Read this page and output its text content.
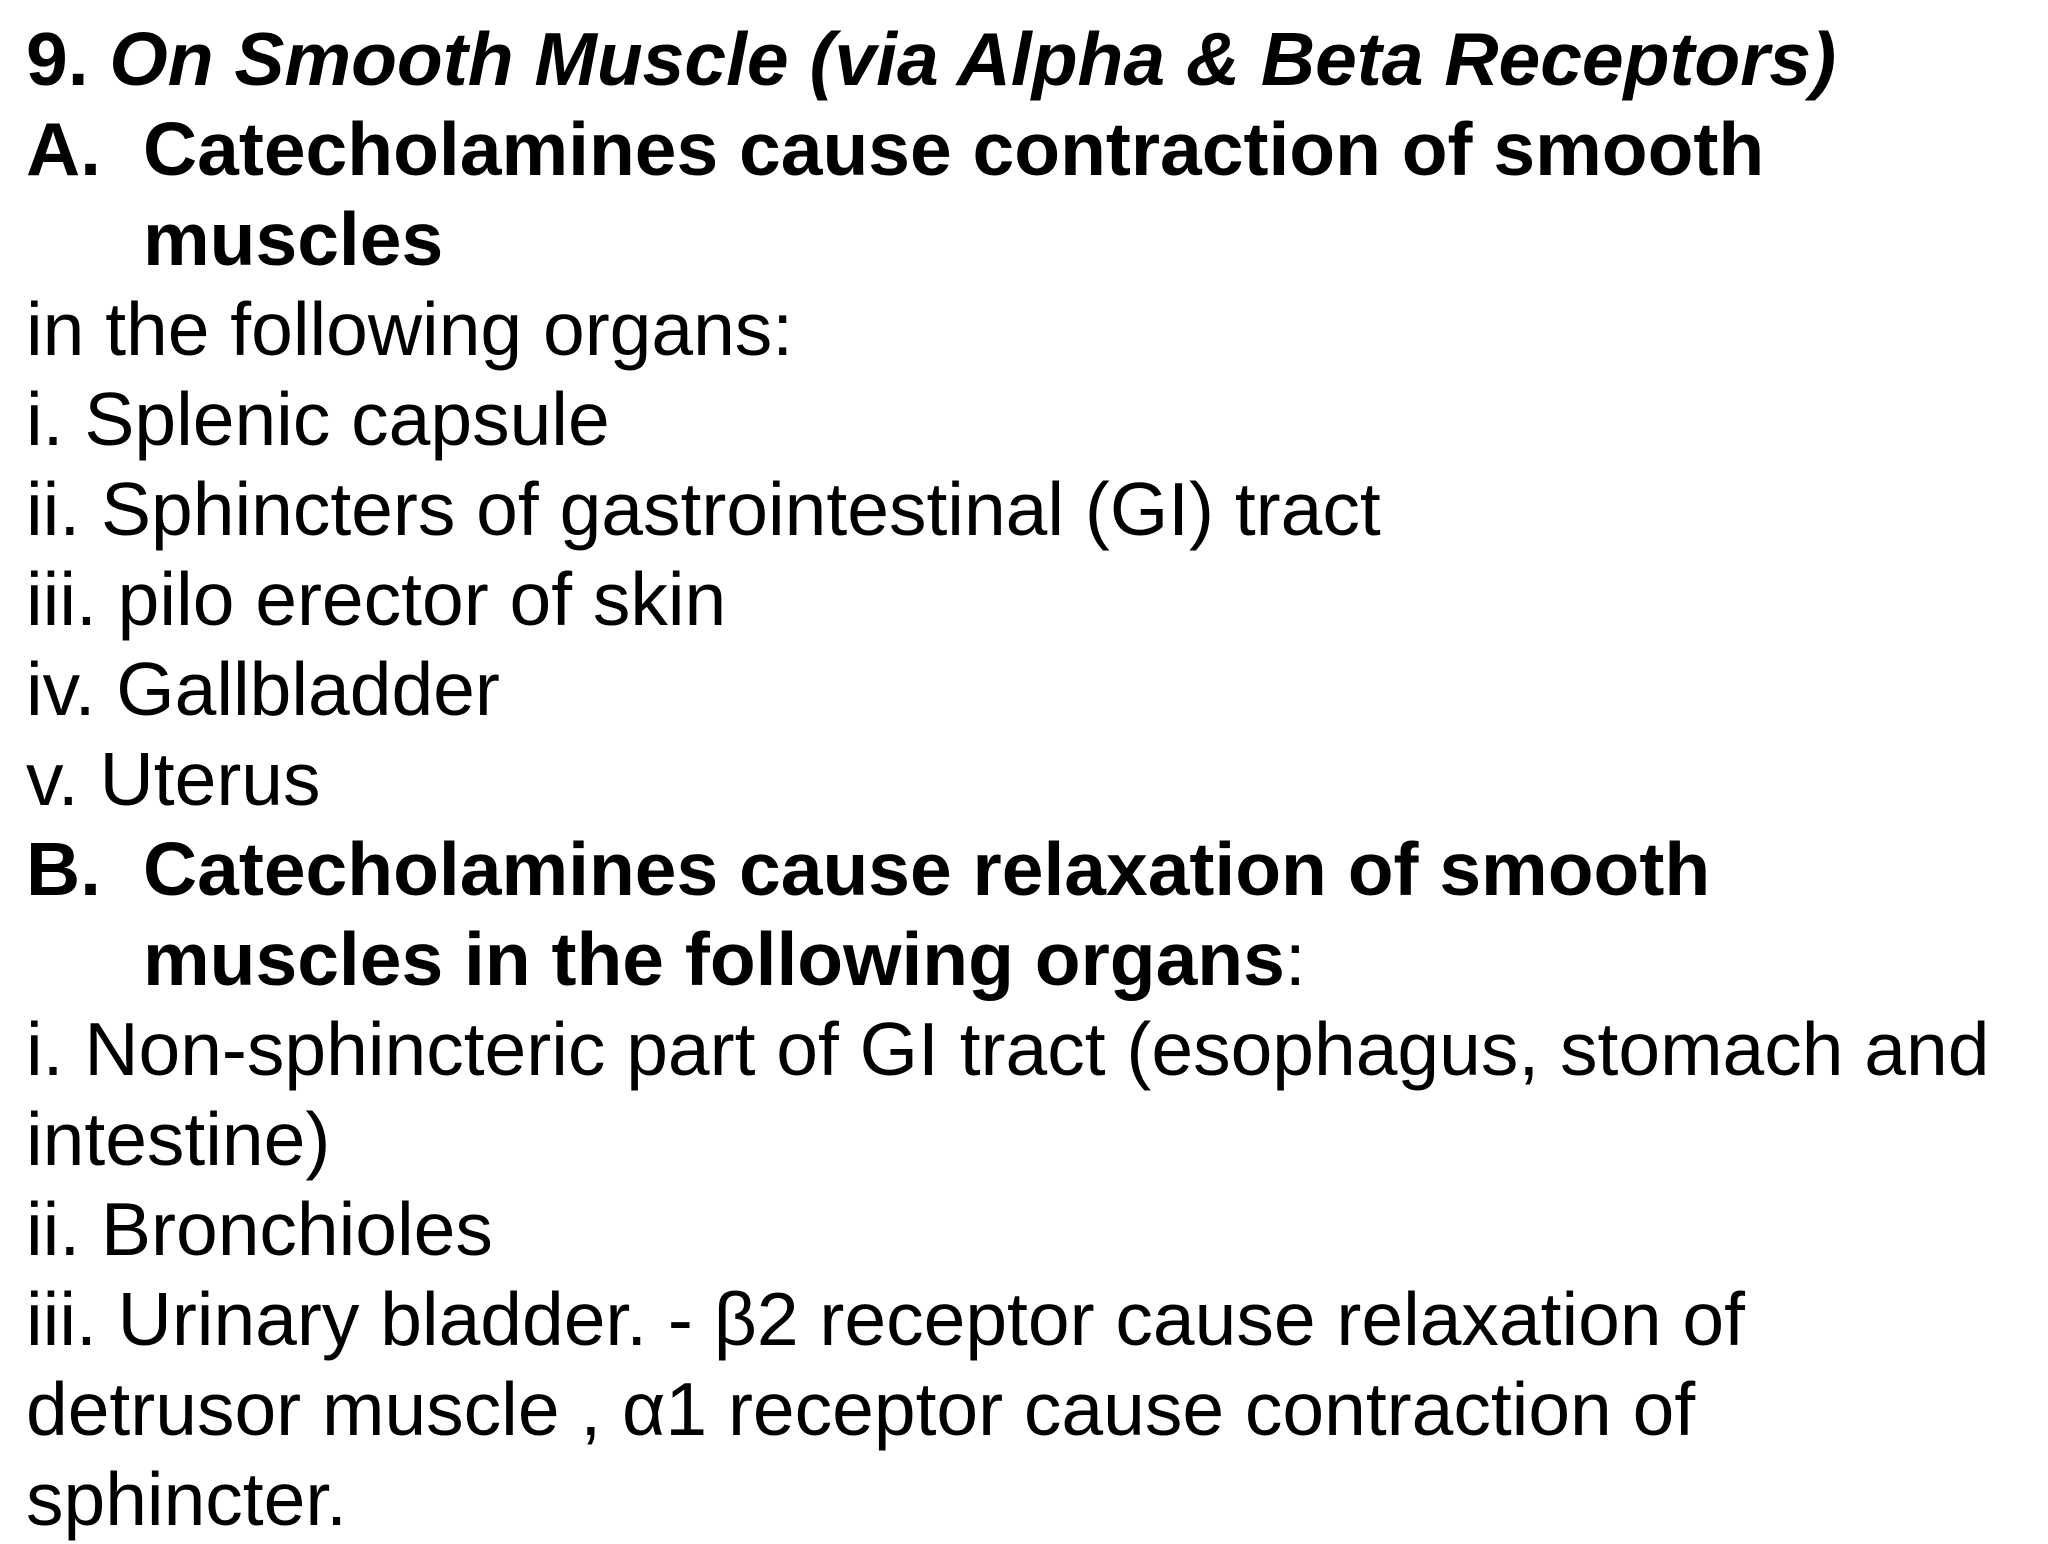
9. On Smooth Muscle (via Alpha & Beta Receptors)
A. Catecholamines cause contraction of smooth
muscles
in the following organs:
i. Splenic capsule
ii. Sphincters of gastrointestinal (GI) tract
iii. pilo erector of skin
iv. Gallbladder
v. Uterus
B. Catecholamines cause relaxation of smooth
muscles in the following organs:
i. Non-sphincteric part of GI tract (esophagus, stomach and
intestine)
ii. Bronchioles
iii. Urinary bladder. - β2 receptor cause relaxation of
detrusor muscle , α1 receptor cause contraction of
sphincter.
